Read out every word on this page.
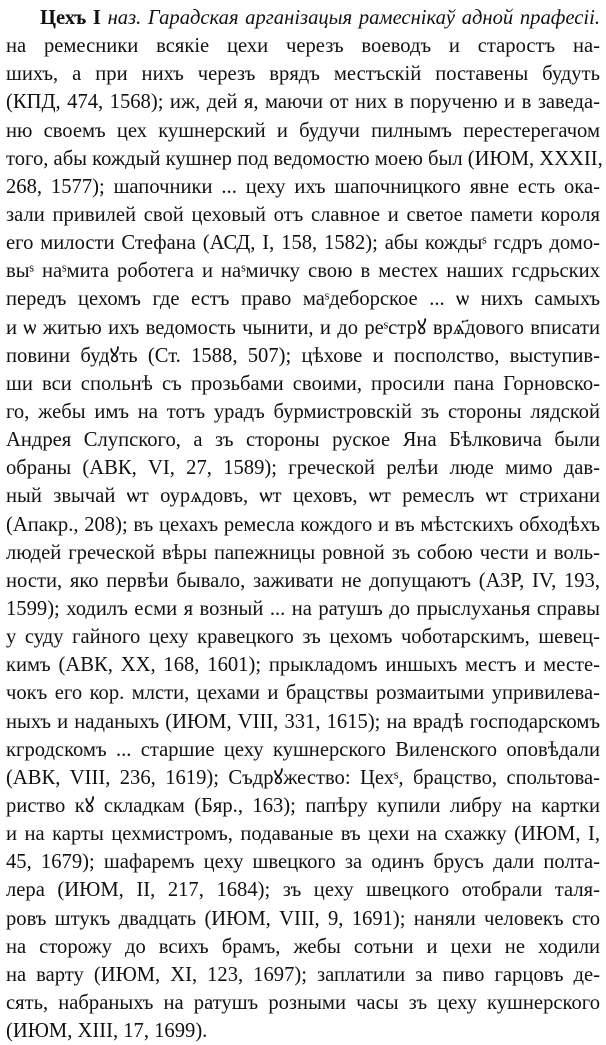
Цехъ I наз. Гарадская арганізацыя рамеснікаў адной прафесіі.
на ремесники всякіе цехи черезъ воеводъ и старостъ на-
шихъ, а при нихъ черезъ врядъ местъскій поставены будуть
(КПД, 474, 1568); иж, дей я, маючи от них в порученю и в заведа-
ню своемъ цех кушнерский и будучи пилнымъ перестерегачом
того, абы кождый кушнер под ведомостю моею был (ИЮМ, XXXII,
268, 1577); шапочники ... цеху ихъ шапочницкого явне есть ока-
зали привилей свой цеховый отъ славное и светое памети короля
его милости Стефана (АСД, I, 158, 1582); абы кождыˢ гсдръ домо-
выˢ наˢмита роботега и наˢмичку свою в местех наших гсдрьских
передъ цехомъ где естъ право маˢдеборское ... ѡ нихъ самыхъ
и ѡ житью ихъ ведомость чынити, и до реˢстрꙋ врѧ҃дового вписати
повини будꙋть (Ст. 1588, 507); цѣхове и посполство, выступив-
ши вси спольнѣ съ прозьбами своими, просили пана Горновско-
го, жебы имъ на тотъ урадъ бурмистровскій зъ стороны лядской
Андрея Слупского, а зъ стороны руское Яна Бѣлковича были
обраны (АВК, VI, 27, 1589); греческой релѣи люде мимо дав-
ный звычай ѡт оурѧдовъ, ѡт цеховъ, ѡт ремеслъ ѡт стрихани
(Апакр., 208); въ цехахъ ремесла кождого и въ мѣстскихъ обходѣхъ
людей греческой вѣры папежницы ровной зъ собою чести и воль-
ности, яко первѣи бывало, заживати не допущаютъ (АЗР, IV, 193,
1599); ходилъ есми я возный ... на ратушъ до прыслуханья справы
у суду гайного цеху кравецкого зъ цехомъ чоботарскимъ, шевец-
кимъ (АВК, XX, 168, 1601); прыкладомъ иншыхъ местъ и месте-
чокъ его кор. млсти, цехами и брацствы розмаитыми упривилева-
ныхъ и наданыхъ (ИЮМ, VIII, 331, 1615); на врадѣ господарскомъ
кгродскомъ ... старшие цеху кушнерского Виленского оповѣдали
(АВК, VIII, 236, 1619); Съдрꙋжество: Цехˢ, брацство, спольтова-
риство кꙋ складкам (Бяр., 163); папѣру купили либру на картки
и на карты цехмистромъ, подаваные въ цехи на схажку (ИЮМ, I,
45, 1679); шафаремъ цеху швецкого за одинъ брусъ дали полта-
лера (ИЮМ, II, 217, 1684); зъ цеху швецкого отобрали таля-
ровъ штукъ двадцать (ИЮМ, VIII, 9, 1691); наняли человекъ сто
на сторожу до всихъ брамъ, жебы сотьни и цехи не ходили
на варту (ИЮМ, XI, 123, 1697); заплатили за пиво гарцовъ де-
сять, набраныхъ на ратушъ розными часы зъ цеху кушнерского
(ИЮМ, XIII, 17, 1699).
